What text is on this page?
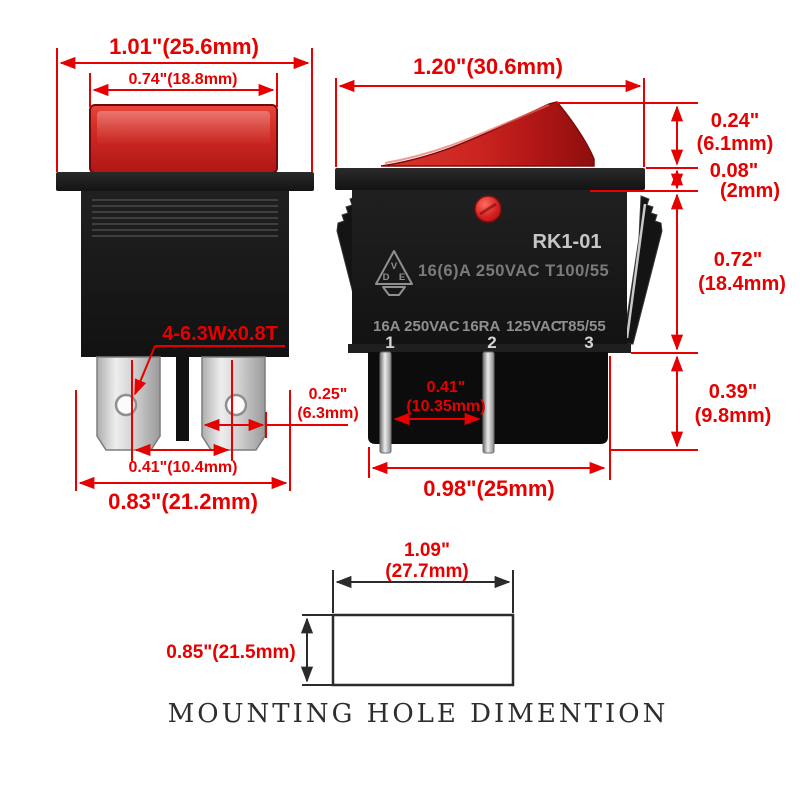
1.01"(25.6mm)
0.74"(18.8mm)
4-6.3Wx0.8T
0.25"
(6.3mm)
0.41"(10.4mm)
0.83"(21.2mm)
RK1-01
V
D E 16(6)A 250VAC T100/55
16A 250VAC 16RA 125VAC
T85/55
1	2	3
1.20"(30.6mm)
0.41"
(10.35mm)
0.98"(25mm)
0.24"
(6.1mm)
0.08"
(2mm)
0.72"
(18.4mm)
0.39"
(9.8mm)
1.09"
(27.7mm)
0.85"(21.5mm)
MOUNTING HOLE DIMENTION
